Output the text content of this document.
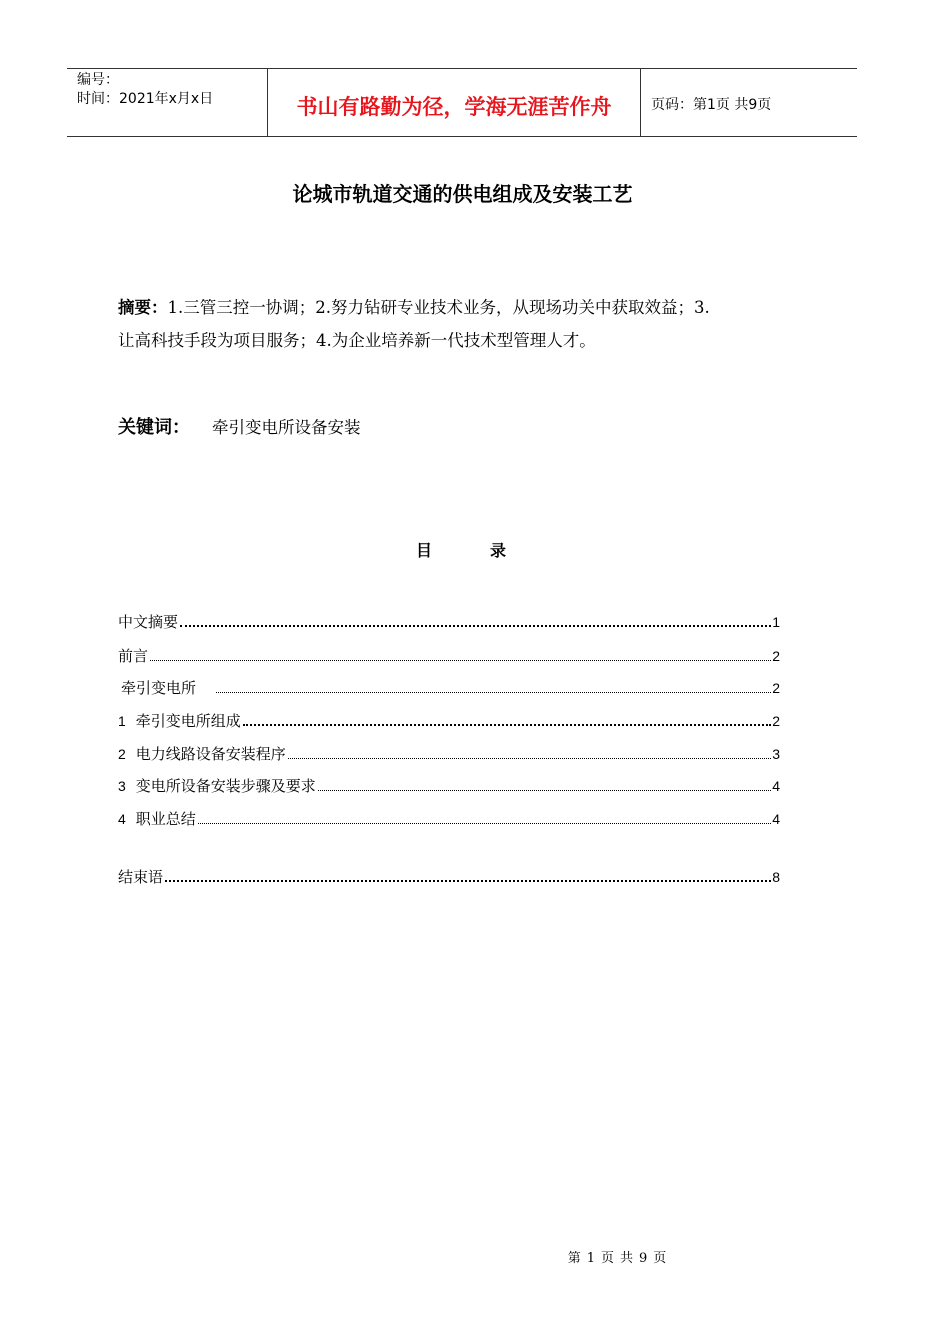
编号：
时间：2021年x月x日	书山有路勤为径，学海无涯苦作舟	页码：第1页 共9页
论城市轨道交通的供电组成及安装工艺
摘要：1.三管三控一协调；2.努力钻研专业技术业务，从现场功关中获取效益；3.
让高科技手段为项目服务；4.为企业培养新一代技术型管理人才。
关键词： 牵引变电所设备安装
目	录
中文摘要	1
前言	2
牵引变电所	2
1 牵引变电所组成	2
2 电力线路设备安装程序	3
3 变电所设备安装步骤及要求	4
4 职业总结	4
结束语	8
第 1 页 共 9 页
